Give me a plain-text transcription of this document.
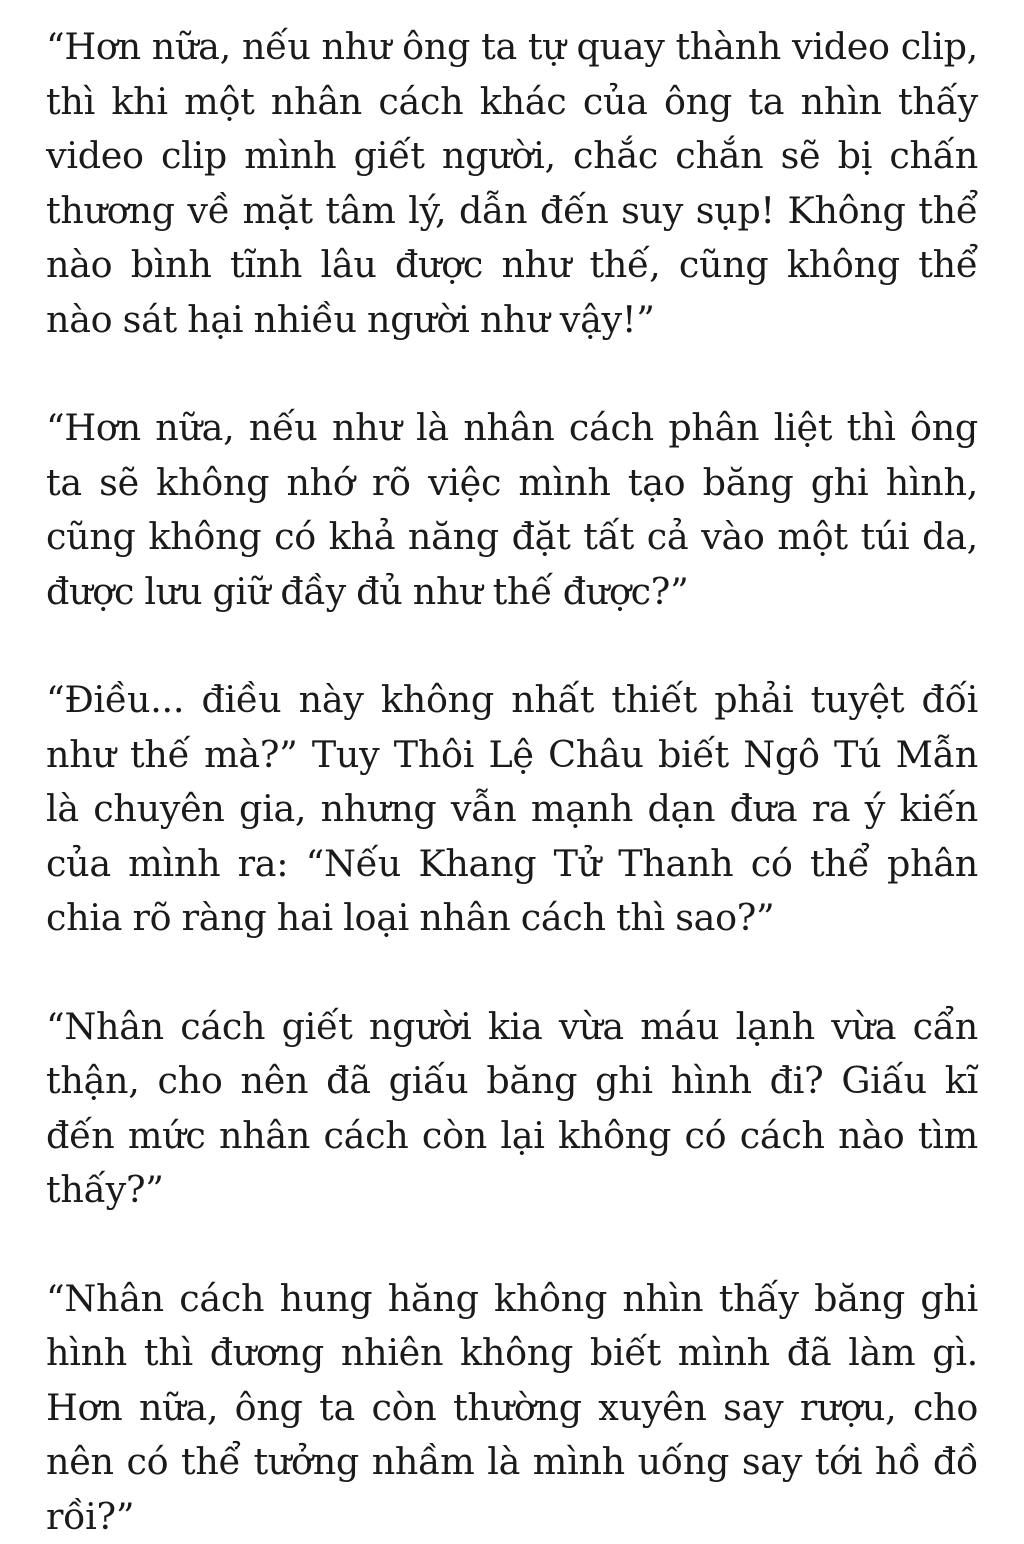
“Hơn nữa, nếu như ông ta tự quay thành video clip, thì khi một nhân cách khác của ông ta nhìn thấy video clip mình giết người, chắc chắn sẽ bị chấn thương về mặt tâm lý, dẫn đến suy sụp! Không thể nào bình tĩnh lâu được như thế, cũng không thể nào sát hại nhiều người như vậy!”

“Hơn nữa, nếu như là nhân cách phân liệt thì ông ta sẽ không nhớ rõ việc mình tạo băng ghi hình, cũng không có khả năng đặt tất cả vào một túi da, được lưu giữ đầy đủ như thế được?”

“Điều... điều này không nhất thiết phải tuyệt đối như thế mà?” Tuy Thôi Lệ Châu biết Ngô Tú Mẫn là chuyên gia, nhưng vẫn mạnh dạn đưa ra ý kiến của mình ra: “Nếu Khang Tử Thanh có thể phân chia rõ ràng hai loại nhân cách thì sao?”

“Nhân cách giết người kia vừa máu lạnh vừa cẩn thận, cho nên đã giấu băng ghi hình đi? Giấu kĩ đến mức nhân cách còn lại không có cách nào tìm thấy?”

“Nhân cách hung hăng không nhìn thấy băng ghi hình thì đương nhiên không biết mình đã làm gì. Hơn nữa, ông ta còn thường xuyên say rượu, cho nên có thể tưởng nhầm là mình uống say tới hồ đồ rồi?”
